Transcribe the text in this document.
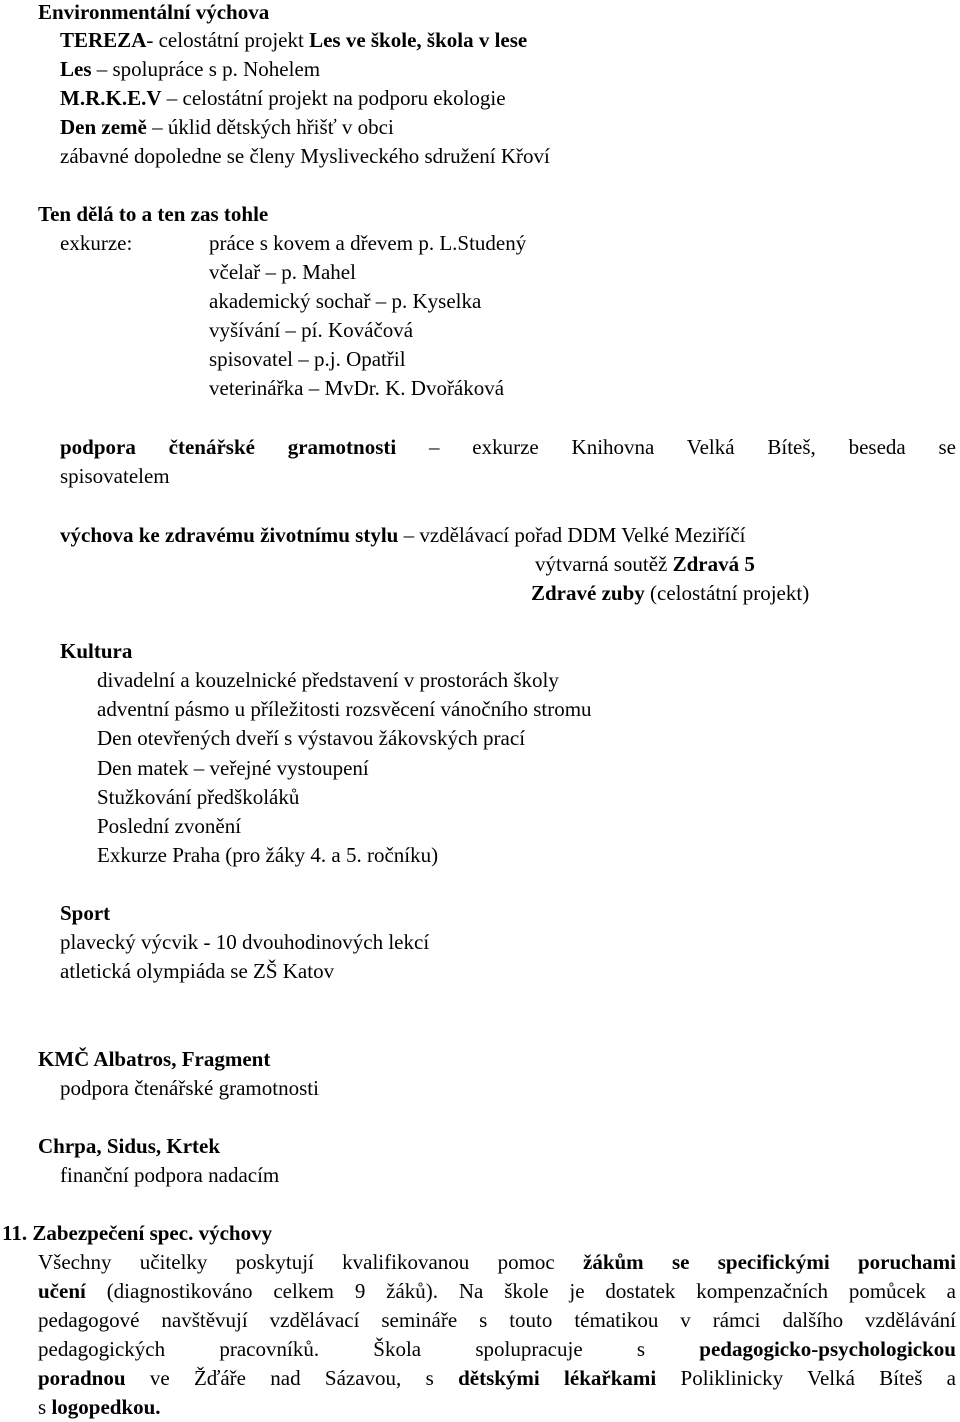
Environmentální výchova
TEREZA- celostátní projekt Les ve škole, škola v lese
Les – spolupráce s p. Nohelem
M.R.K.E.V – celostátní projekt na podporu ekologie
Den země – úklid dětských hřišť v obci
zábavné dopoledne se členy Mysliveckého sdružení Křoví
Ten dělá to a ten zas tohle
exkurze:	práce s kovem a dřevem p. L.Studený
včelař – p. Mahel
akademický sochař – p. Kyselka
vyšívání – pí. Kováčová
spisovatel – p.j. Opatřil
veterinářka – MvDr. K. Dvořáková
podpora čtenářské gramotnosti – exkurze Knihovna Velká Bíteš, beseda se
spisovatelem
výchova ke zdravému životnímu stylu – vzdělávací pořad DDM Velké Meziříčí
výtvarná soutěž Zdravá 5
Zdravé zuby (celostátní projekt)
Kultura
divadelní a kouzelnické představení v prostorách školy
adventní pásmo u příležitosti rozsvěcení vánočního stromu
Den otevřených dveří s výstavou žákovských prací
Den matek – veřejné vystoupení
Stužkování předškoláků
Poslední zvonění
Exkurze Praha (pro žáky 4. a 5. ročníku)
Sport
plavecký výcvik - 10 dvouhodinových lekcí
atletická olympiáda se ZŠ Katov
KMČ Albatros, Fragment
podpora čtenářské gramotnosti
Chrpa, Sidus, Krtek
finanční podpora nadacím
11. Zabezpečení spec. výchovy
Všechny učitelky poskytují kvalifikovanou pomoc žákům se specifickými poruchami
učení (diagnostikováno celkem 9 žáků). Na škole je dostatek kompenzačních pomůcek a
pedagogové navštěvují vzdělávací semináře s touto tématikou v rámci dalšího vzdělávání
pedagogických pracovníků. Škola spolupracuje s pedagogicko-psychologickou
poradnou ve Žďáře nad Sázavou, s dětskými lékařkami Poliklinicky Velká Bíteš a
s logopedkou.
